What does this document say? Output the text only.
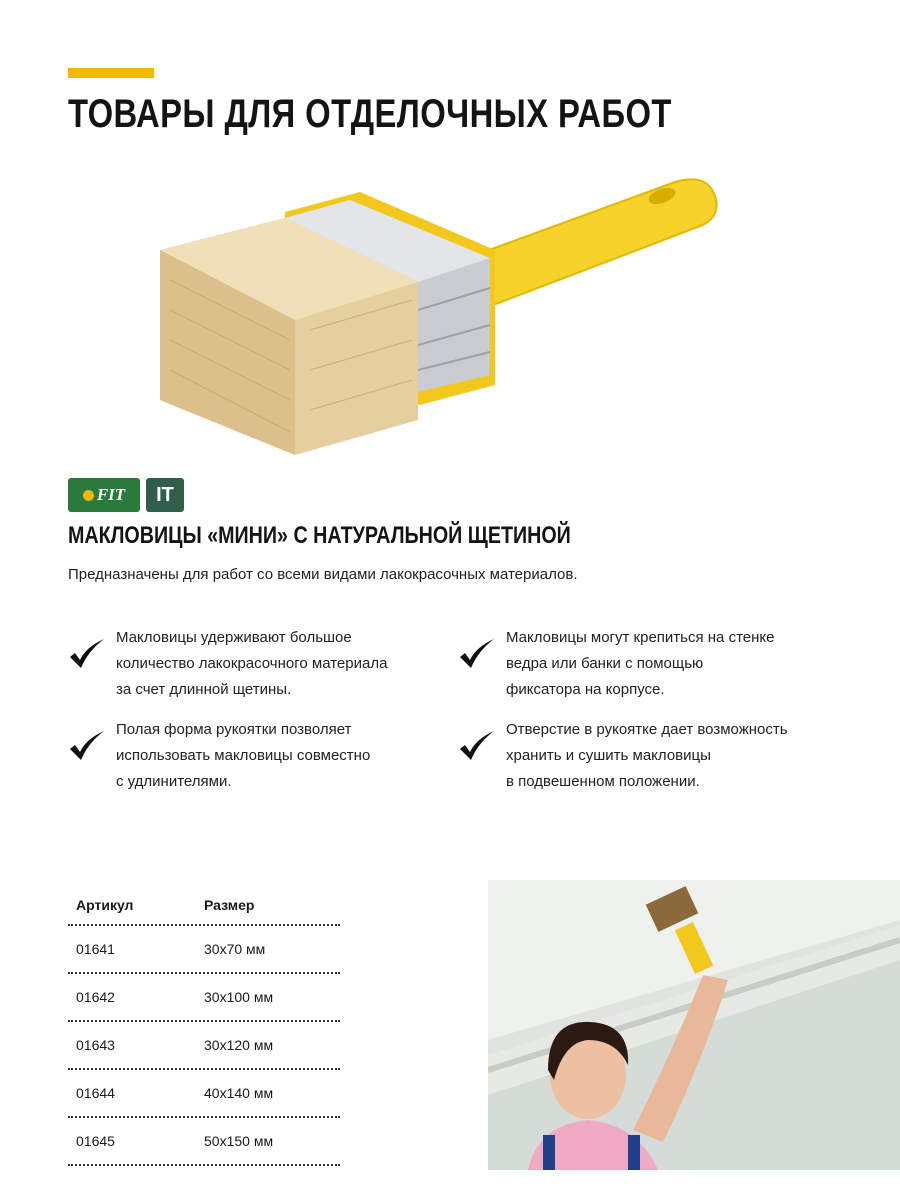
ТОВАРЫ ДЛЯ ОТДЕЛОЧНЫХ РАБОТ
FIT IT
МАКЛОВИЦЫ «МИНИ» С НАТУРАЛЬНОЙ ЩЕТИНОЙ

Предназначены для работ со всеми видами лакокрасочных материалов.

Макловицы удерживают большое
количество лакокрасочного материала
за счет длинной щетины.

Полая форма рукоятки позволяет
использовать макловицы совместно
с удлинителями.

Макловицы могут крепиться на стенке
ведра или банки с помощью
фиксатора на корпусе.

Отверстие в рукоятке дает возможность
хранить и сушить макловицы
в подвешенном положении.

Артикул	Размер
01641	30х70 мм
01642	30х100 мм
01643	30х120 мм
01644	40х140 мм
01645	50х150 мм
